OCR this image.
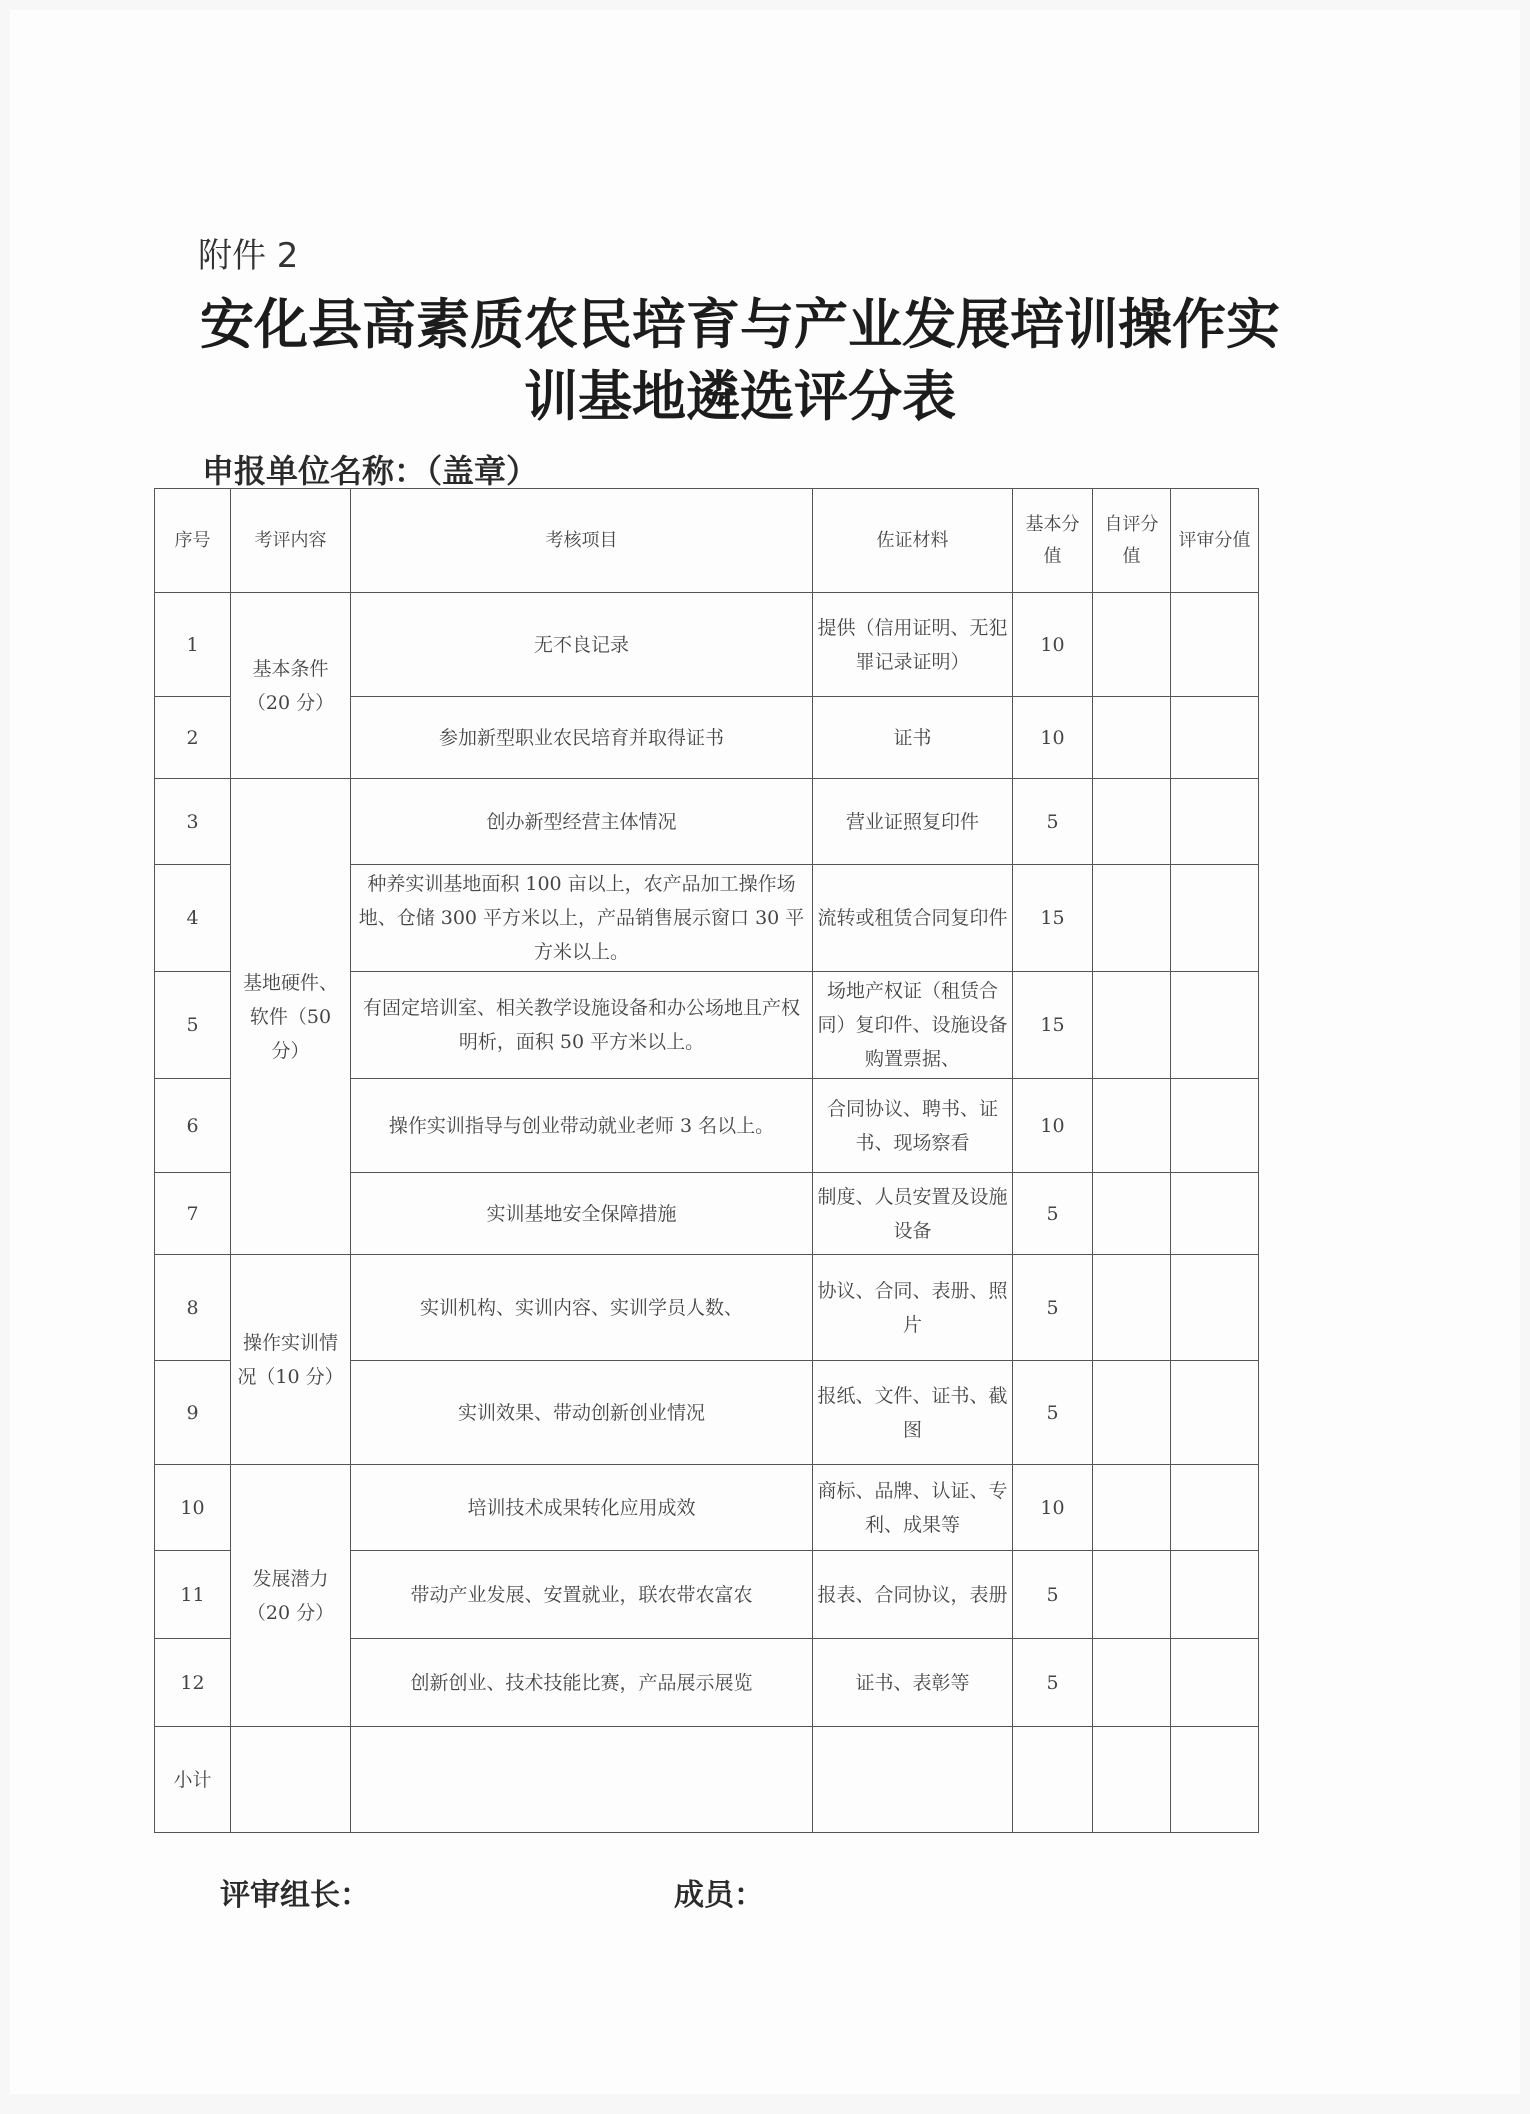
附件 2
安化县高素质农民培育与产业发展培训操作实
训基地遴选评分表
申报单位名称：（盖章）
序号	考评内容	考核项目	佐证材料	基本分值	自评分值	评审分值
1	基本条件（20 分）	无不良记录	提供（信用证明、无犯罪记录证明）	10		
2		参加新型职业农民培育并取得证书	证书	10		
3	基地硬件、软件（50 分）	创办新型经营主体情况	营业证照复印件	5		
4		种养实训基地面积 100 亩以上，农产品加工操作场地、仓储 300 平方米以上，产品销售展示窗口 30 平方米以上。	流转或租赁合同复印件	15		
5		有固定培训室、相关教学设施设备和办公场地且产权明析，面积 50 平方米以上。	场地产权证（租赁合同）复印件、设施设备购置票据、	15		
6		操作实训指导与创业带动就业老师 3 名以上。	合同协议、聘书、证书、现场察看	10		
7		实训基地安全保障措施	制度、人员安置及设施设备	5		
8	操作实训情况（10 分）	实训机构、实训内容、实训学员人数、	协议、合同、表册、照片	5		
9		实训效果、带动创新创业情况	报纸、文件、证书、截图	5		
10	发展潜力（20 分）	培训技术成果转化应用成效	商标、品牌、认证、专利、成果等	10		
11		带动产业发展、安置就业，联农带农富农	报表、合同协议，表册	5		
12		创新创业、技术技能比赛，产品展示展览	证书、表彰等	5		
小计						
评审组长：	成员：
